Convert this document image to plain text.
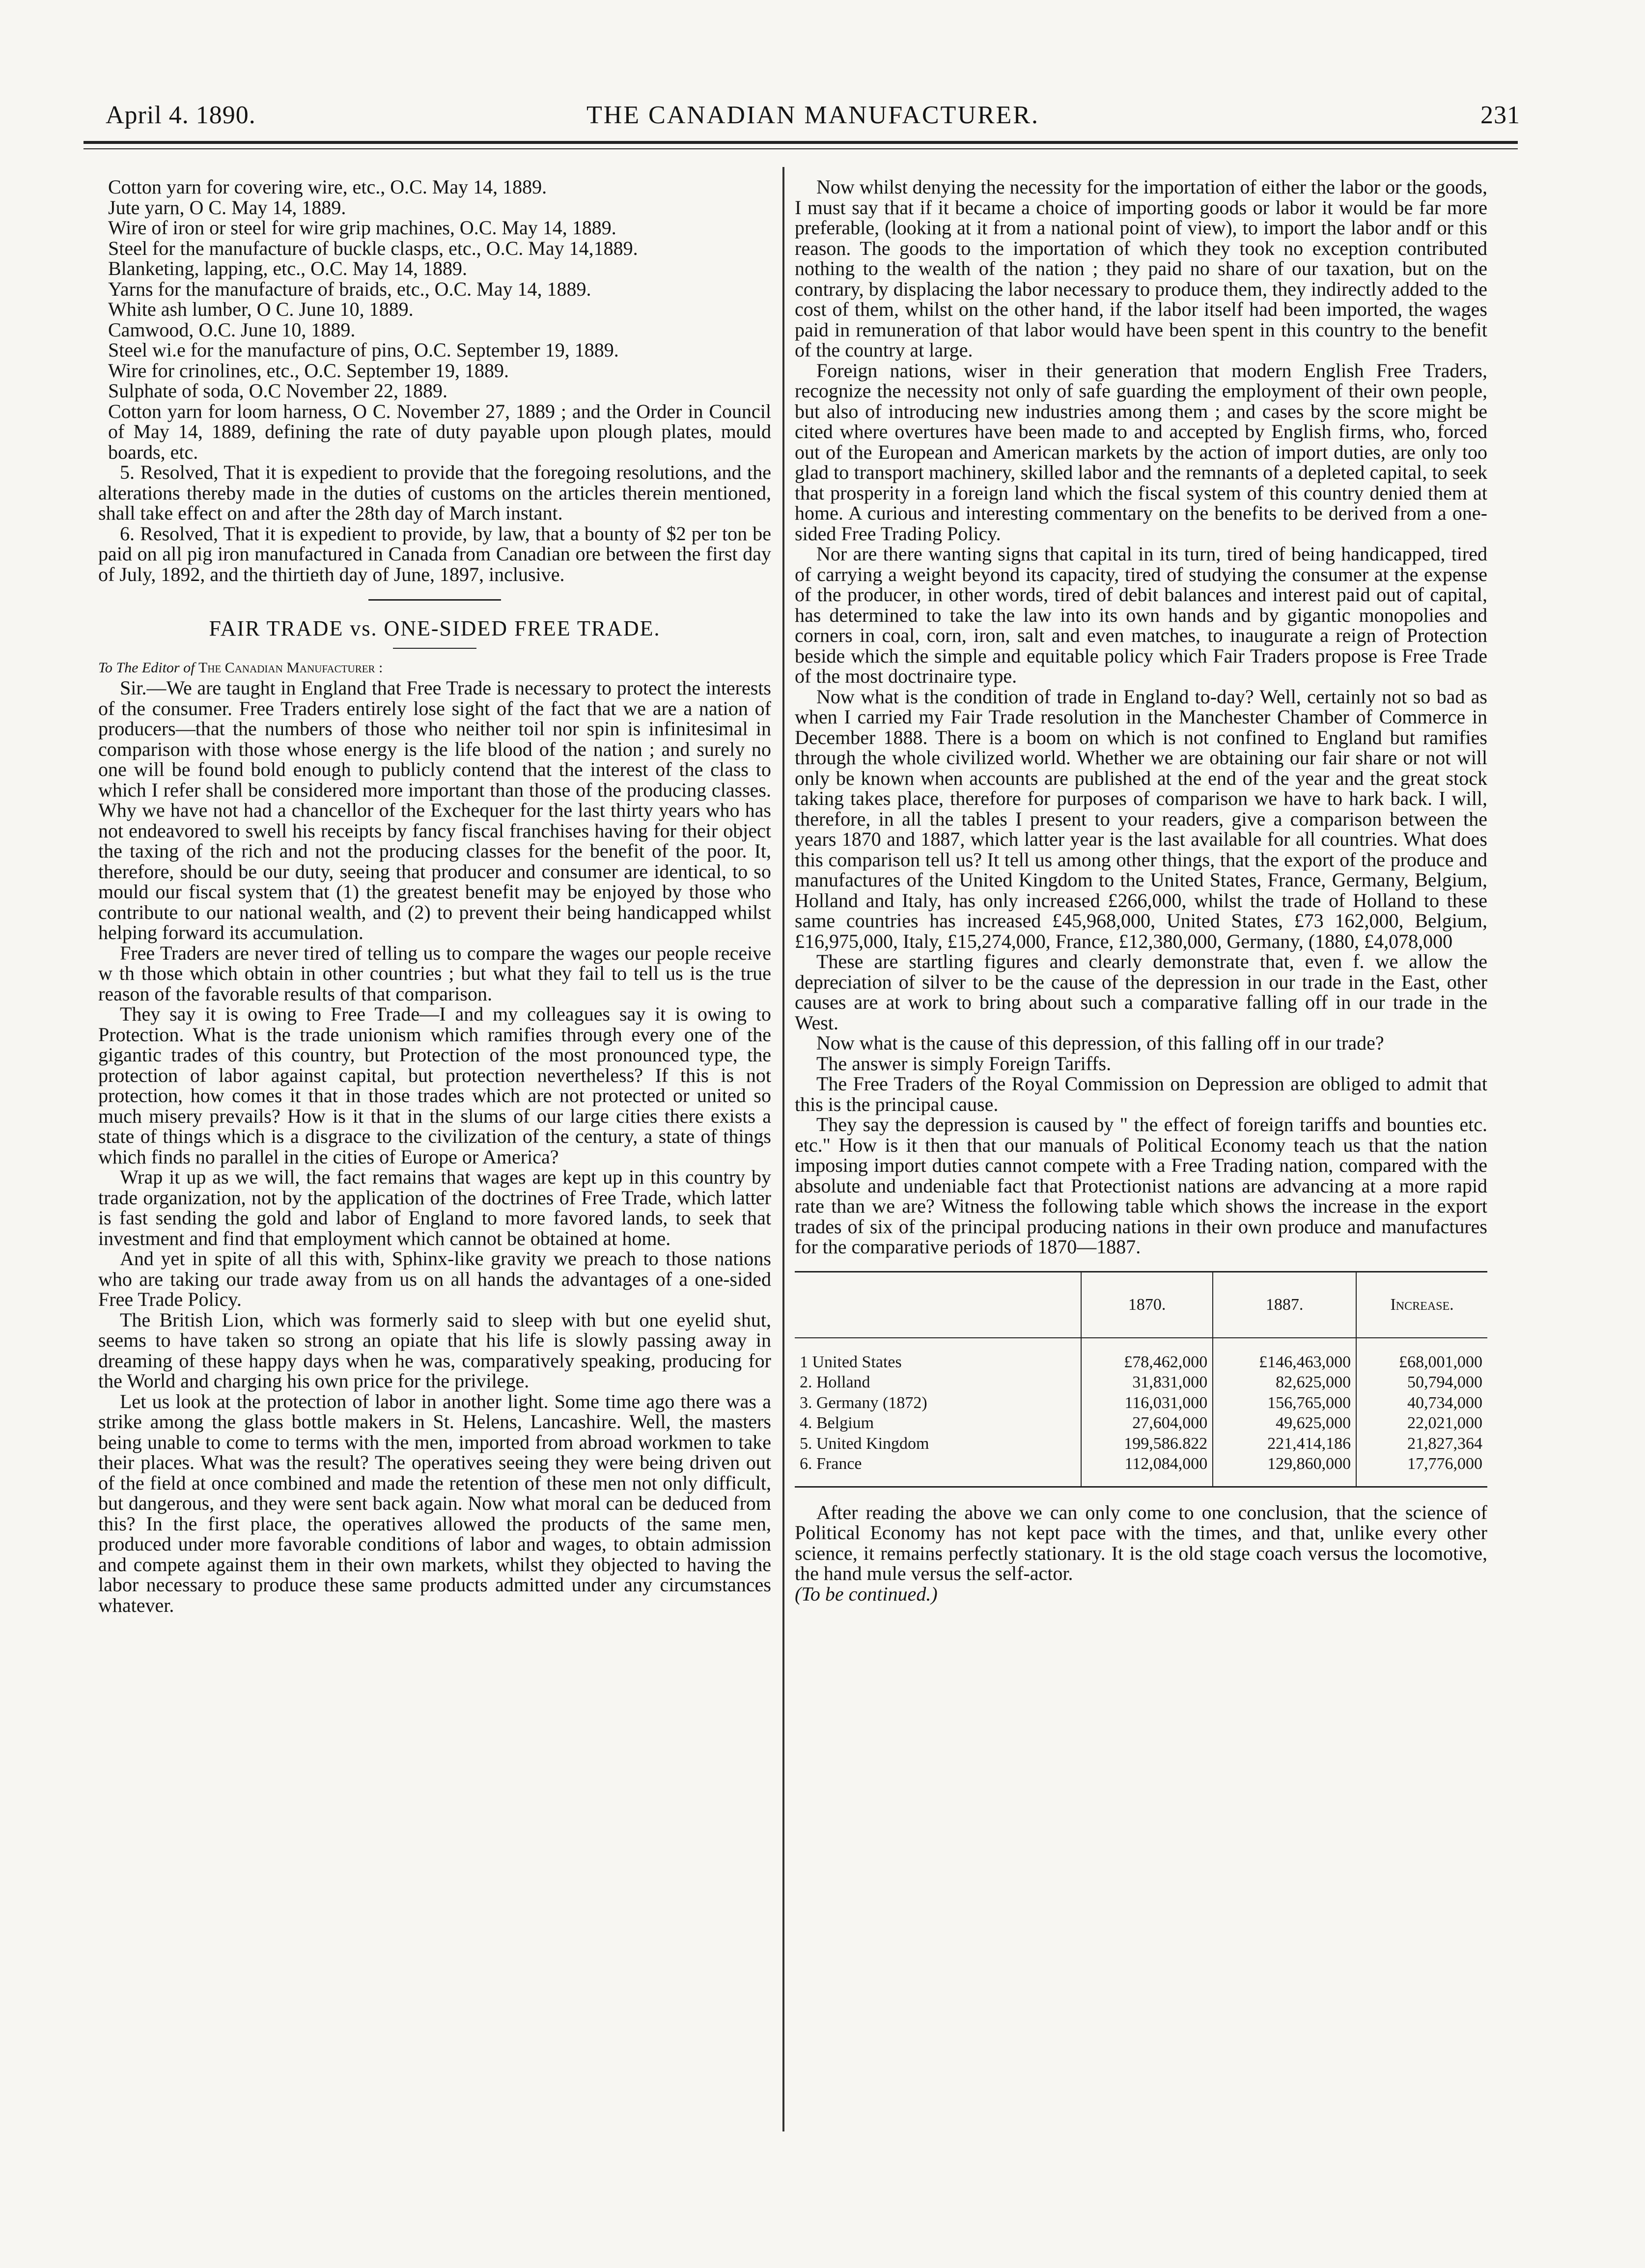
April 4. 1890.	THE CANADIAN MANUFACTURER.	231

Cotton yarn for covering wire, etc., O.C. May 14, 1889.

Jute yarn, O C. May 14, 1889.

Wire of iron or steel for wire grip machines, O.C. May 14, 1889.

Steel for the manufacture of buckle clasps, etc., O.C. May 14,1889.

Blanketing, lapping, etc., O.C. May 14, 1889.

Yarns for the manufacture of braids, etc., O.C. May 14, 1889.

White ash lumber, O C. June 10, 1889.

Camwood, O.C. June 10, 1889.

Steel wi.e for the manufacture of pins, O.C. September 19, 1889.

Wire for crinolines, etc., O.C. September 19, 1889.

Sulphate of soda, O.C November 22, 1889.

Cotton yarn for loom harness, O C. November 27, 1889 ; and the Order in Council of May 14, 1889, defining the rate of duty payable upon plough plates, mould boards, etc.

5. Resolved, That it is expedient to provide that the foregoing resolutions, and the alterations thereby made in the duties of customs on the articles therein mentioned, shall take effect on and after the 28th day of March instant.

6. Resolved, That it is expedient to provide, by law, that a bounty of $2 per ton be paid on all pig iron manufactured in Canada from Canadian ore between the first day of July, 1892, and the thirtieth day of June, 1897, inclusive.

FAIR TRADE vs. ONE-SIDED FREE TRADE.

To The Editor of The Canadian Manufacturer :

Sir.—We are taught in England that Free Trade is necessary to protect the interests of the consumer. Free Traders entirely lose sight of the fact that we are a nation of producers—that the numbers of those who neither toil nor spin is infinitesimal in comparison with those whose energy is the life blood of the nation ; and surely no one will be found bold enough to publicly contend that the interest of the class to which I refer shall be considered more important than those of the producing classes. Why we have not had a chancellor of the Exchequer for the last thirty years who has not endeavored to swell his receipts by fancy fiscal franchises having for their object the taxing of the rich and not the producing classes for the benefit of the poor. It, therefore, should be our duty, seeing that producer and consumer are identical, to so mould our fiscal system that (1) the greatest benefit may be enjoyed by those who contribute to our national wealth, and (2) to prevent their being handicapped whilst helping forward its accumulation.

Free Traders are never tired of telling us to compare the wages our people receive w th those which obtain in other countries ; but what they fail to tell us is the true reason of the favorable results of that comparison.

They say it is owing to Free Trade—I and my colleagues say it is owing to Protection. What is the trade unionism which ramifies through every one of the gigantic trades of this country, but Protection of the most pronounced type, the protection of labor against capital, but protection nevertheless? If this is not protection, how comes it that in those trades which are not protected or united so much misery prevails? How is it that in the slums of our large cities there exists a state of things which is a disgrace to the civilization of the century, a state of things which finds no parallel in the cities of Europe or America?

Wrap it up as we will, the fact remains that wages are kept up in this country by trade organization, not by the application of the doctrines of Free Trade, which latter is fast sending the gold and labor of England to more favored lands, to seek that investment and find that employment which cannot be obtained at home.

And yet in spite of all this with, Sphinx-like gravity we preach to those nations who are taking our trade away from us on all hands the advantages of a one-sided Free Trade Policy.

The British Lion, which was formerly said to sleep with but one eyelid shut, seems to have taken so strong an opiate that his life is slowly passing away in dreaming of these happy days when he was, comparatively speaking, producing for the World and charging his own price for the privilege.

Let us look at the protection of labor in another light. Some time ago there was a strike among the glass bottle makers in St. Helens, Lancashire. Well, the masters being unable to come to terms with the men, imported from abroad workmen to take their places. What was the result? The operatives seeing they were being driven out of the field at once combined and made the retention of these men not only difficult, but dangerous, and they were sent back again. Now what moral can be deduced from this? In the first place, the operatives allowed the products of the same men, produced under more favorable conditions of labor and wages, to obtain admission and compete against them in their own markets, whilst they objected to having the labor necessary to produce these same products admitted under any circumstances whatever.

Now whilst denying the necessity for the importation of either the labor or the goods, I must say that if it became a choice of importing goods or labor it would be far more preferable, (looking at it from a national point of view), to import the labor andf or this reason. The goods to the importation of which they took no exception contributed nothing to the wealth of the nation ; they paid no share of our taxation, but on the contrary, by displacing the labor necessary to produce them, they indirectly added to the cost of them, whilst on the other hand, if the labor itself had been imported, the wages paid in remuneration of that labor would have been spent in this country to the benefit of the country at large.

Foreign nations, wiser in their generation that modern English Free Traders, recognize the necessity not only of safe guarding the employment of their own people, but also of introducing new industries among them ; and cases by the score might be cited where overtures have been made to and accepted by English firms, who, forced out of the European and American markets by the action of import duties, are only too glad to transport machinery, skilled labor and the remnants of a depleted capital, to seek that prosperity in a foreign land which the fiscal system of this country denied them at home. A curious and interesting commentary on the benefits to be derived from a one-sided Free Trading Policy.

Nor are there wanting signs that capital in its turn, tired of being handicapped, tired of carrying a weight beyond its capacity, tired of studying the consumer at the expense of the producer, in other words, tired of debit balances and interest paid out of capital, has determined to take the law into its own hands and by gigantic monopolies and corners in coal, corn, iron, salt and even matches, to inaugurate a reign of Protection beside which the simple and equitable policy which Fair Traders propose is Free Trade of the most doctrinaire type.

Now what is the condition of trade in England to-day? Well, certainly not so bad as when I carried my Fair Trade resolution in the Manchester Chamber of Commerce in December 1888. There is a boom on which is not confined to England but ramifies through the whole civilized world. Whether we are obtaining our fair share or not will only be known when accounts are published at the end of the year and the great stock taking takes place, therefore for purposes of comparison we have to hark back. I will, therefore, in all the tables I present to your readers, give a comparison between the years 1870 and 1887, which latter year is the last available for all countries. What does this comparison tell us? It tell us among other things, that the export of the produce and manufactures of the United Kingdom to the United States, France, Germany, Belgium, Holland and Italy, has only increased £266,000, whilst the trade of Holland to these same countries has increased £45,968,000, United States, £73 162,000, Belgium, £16,975,000, Italy, £15,274,000, France, £12,380,000, Germany, (1880, £4,078,000

These are startling figures and clearly demonstrate that, even f. we allow the depreciation of silver to be the cause of the depression in our trade in the East, other causes are at work to bring about such a comparative falling off in our trade in the West.

Now what is the cause of this depression, of this falling off in our trade?

The answer is simply Foreign Tariffs.

The Free Traders of the Royal Commission on Depression are obliged to admit that this is the principal cause.

They say the depression is caused by " the effect of foreign tariffs and bounties etc. etc." How is it then that our manuals of Political Economy teach us that the nation imposing import duties cannot compete with a Free Trading nation, compared with the absolute and undeniable fact that Protectionist nations are advancing at a more rapid rate than we are? Witness the following table which shows the increase in the export trades of six of the principal producing nations in their own produce and manufactures for the comparative periods of 1870—1887.

	1870.	1887.	Increase.
1 United States	£78,462,000	£146,463,000	£68,001,000
2. Holland	31,831,000	82,625,000	50,794,000
3. Germany (1872)	116,031,000	156,765,000	40,734,000
4. Belgium	27,604,000	49,625,000	22,021,000
5. United Kingdom	199,586.822	221,414,186	21,827,364
6. France	112,084,000	129,860,000	17,776,000

After reading the above we can only come to one conclusion, that the science of Political Economy has not kept pace with the times, and that, unlike every other science, it remains perfectly stationary. It is the old stage coach versus the locomotive, the hand mule versus the self-actor.

(To be continued.)
